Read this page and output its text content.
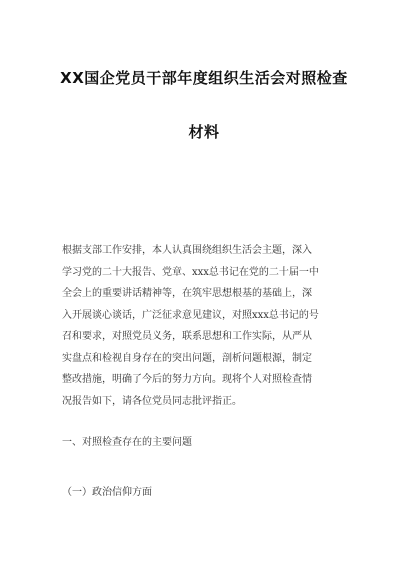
XX国企党员干部年度组织生活会对照检查
材料
根据支部工作安排，本人认真围绕组织生活会主题，深入
学习党的二十大报告、党章、xxx总书记在党的二十届一中
全会上的重要讲话精神等，在筑牢思想根基的基础上，深
入开展谈心谈话，广泛征求意见建议，对照xxx总书记的号
召和要求，对照党员义务，联系思想和工作实际，从严从
实盘点和检视自身存在的突出问题，剖析问题根源，制定
整改措施，明确了今后的努力方向。现将个人对照检查情
况报告如下，请各位党员同志批评指正。
一、对照检查存在的主要问题
（一）政治信仰方面
